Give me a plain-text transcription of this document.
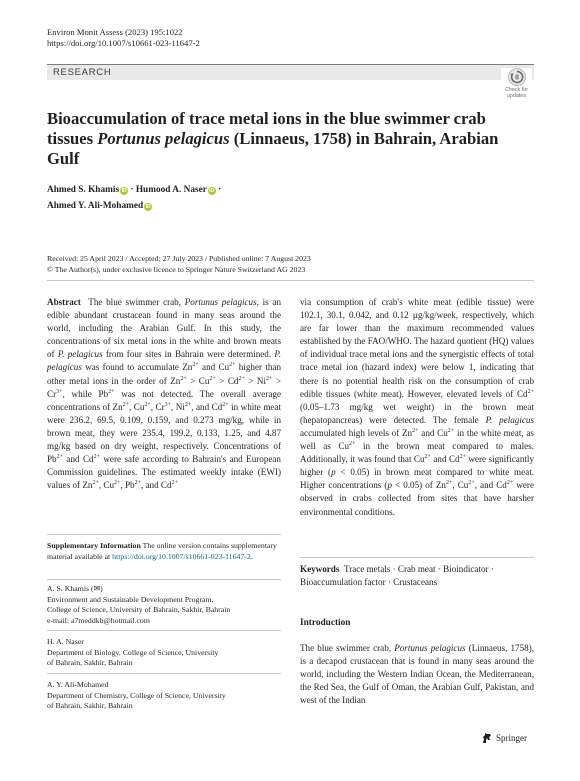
Environ Monit Assess (2023) 195:1022
https://doi.org/10.1007/s10661-023-11647-2
RESEARCH
Check for
updates
Bioaccumulation of trace metal ions in the blue swimmer crab tissues Portunus pelagicus (Linnaeus, 1758) in Bahrain, Arabian Gulf
Ahmed S. Khamis iD · Humood A. Naser iD ·
Ahmed Y. Ali-Mohamed iD
Received: 25 April 2023 / Accepted: 27 July 2023 / Published online: 7 August 2023
© The Author(s), under exclusive licence to Springer Nature Switzerland AG 2023
Abstract The blue swimmer crab, Portunus pelagicus, is an edible abundant crustacean found in many seas around the world, including the Arabian Gulf. In this study, the concentrations of six metal ions in the white and brown meats of P. pelagicus from four sites in Bahrain were determined. P. pelagicus was found to accumulate $Zn^{2+}$ and $Cu^{2+}$ higher than other metal ions in the order of $Zn^{2+} > Cu^{2+} > Cd^{2+} > Ni^{2+} > Cr^{3+}$, while $Pb^{2+}$ was not detected. The overall average concentrations of $Zn^{2+}$, $Cu^{2+}$, $Cr^{3+}$, $Ni^{2+}$, and $Cd^{2+}$ in white meat were 236.2, 69.5, 0.109, 0.159, and 0.273 mg/kg, while in brown meat, they were 235.4, 199.2, 0.133, 1.25, and 4.87 mg/kg based on dry weight, respectively. Concentrations of $Pb^{2+}$ and $Cd^{2+}$ were safe according to Bahrain's and European Commission guidelines. The estimated weekly intake (EWI) values of $Zn^{2+}$, $Cu^{2+}$, $Pb^{2+}$, and $Cd^{2+}$
Supplementary Information The online version contains supplementary material available at https://doi.org/10.1007/s10661-023-11647-2.
A. S. Khamis (✉)
Environment and Sustainable Development Program,
College of Science, University of Bahrain, Sakhir, Bahrain
e-mail: a7meddkb@hotmail.com
H. A. Naser
Department of Biology, College of Science, University
of Bahrain, Sakhir, Bahrain
A. Y. Ali-Mohamed
Department of Chemistry, College of Science, University
of Bahrain, Sakhir, Bahrain
via consumption of crab's white meat (edible tissue) were 102.1, 30.1, 0.042, and 0.12 µg/kg/week, respectively, which are far lower than the maximum recommended values established by the FAO/WHO. The hazard quotient (HQ) values of individual trace metal ions and the synergistic effects of total trace metal ion (hazard index) were below 1, indicating that there is no potential health risk on the consumption of crab edible tissues (white meat). However, elevated levels of $Cd^{2+}$ (0.05–1.73 mg/kg wet weight) in the brown meat (hepatopancreas) were detected. The female P. pelagicus accumulated high levels of $Zn^{2+}$ and $Cu^{2+}$ in the white meat, as well as $Cu^{2+}$ in the brown meat compared to males. Additionally, it was found that $Cu^{2+}$ and $Cd^{2+}$ were significantly higher (p < 0.05) in brown meat compared to white meat. Higher concentrations (p < 0.05) of $Zn^{2+}$, $Cu^{2+}$, and $Cd^{2+}$ were observed in crabs collected from sites that have harsher environmental conditions.
Keywords Trace metals · Crab meat · Bioindicator · Bioaccumulation factor · Crustaceans
Introduction
The blue swimmer crab, Portunus pelagicus (Linnaeus, 1758), is a decapod crustacean that is found in many seas around the world, including the Western Indian Ocean, the Mediterranean, the Red Sea, the Gulf of Oman, the Arabian Gulf, Pakistan, and west of the Indian
Springer
